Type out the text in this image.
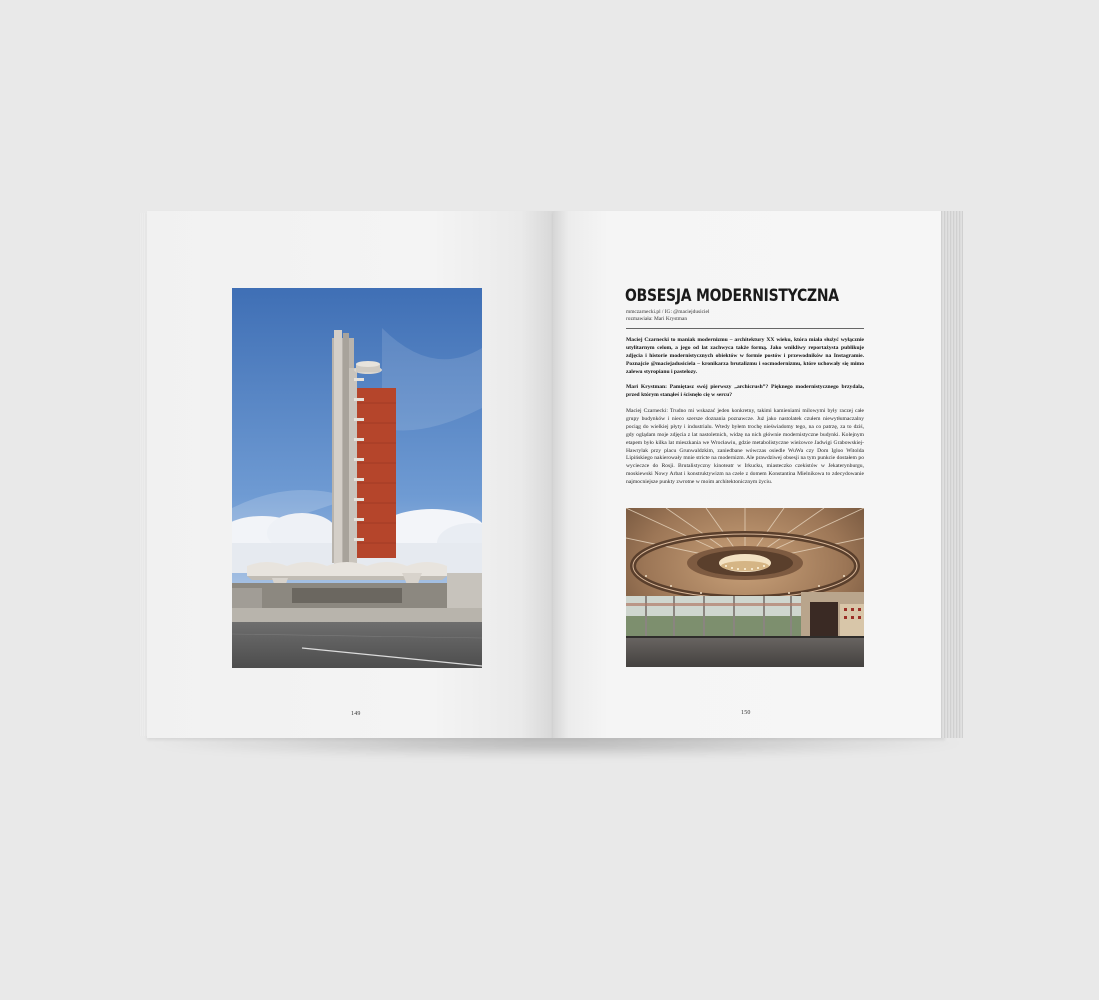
149
OBSESJA MODERNISTYCZNA
mmczarnecki.pl / IG: @maciejdusiciel
rozmawiała: Mari Krystman
Maciej Czarnecki to maniak modernizmu – architektury XX wieku, która miała służyć wyłącznie utylitarnym celom, a jego od lat zachwyca także formą. Jako wnikliwy reportażysta publikuje zdjęcia i historie modernistycznych obiektów w formie postów i przewodników na Instagramie. Poznajcie @maciejadusiciela – kronikarza brutalizmu i socmodernizmu, które uchowały się mimo zalewu styropianu i pastelozy.
Mari Krystman: Pamiętasz swój pierwszy „archicrush”? Pięknego modernistycznego brzydala, przed którym stanąłeś i ścisnęło cię w sercu?
Maciej Czarnecki: Trudno mi wskazać jeden konkretny, takimi kamieniami milowymi były raczej całe grupy budynków i nieco szersze doznania poznawcze. Już jako nastolatek czułem niewytłumaczalny pociąg do wielkiej płyty i industrialu. Wtedy byłem trochę nieświadomy tego, na co patrzę, za to dziś, gdy oglądam moje zdjęcia z lat nastoletnich, widzę na nich głównie modernistyczne budynki. Kolejnym etapem było kilka lat mieszkania we Wrocławiu, gdzie metabolistyczne wieżowce Jadwigi Grabowskiej-Hawrylak przy placu Grunwaldzkim, zaniedbane wówczas osiedle WuWa czy Dom Igloo Witolda Lipińskiego nakierowały mnie stricte na modernizm. Ale prawdziwej obsesji na tym punkcie dostałem po wycieczce do Rosji. Brutalistyczny kinoteatr w Irkucku, miasteczko czekistów w Jekaterynburgu, moskiewski Nowy Arbat i konstruktywizm na czele z domem Konstantina Mielnikowa to zdecydowanie najmocniejsze punkty zwrotne w moim architektonicznym życiu.
150
